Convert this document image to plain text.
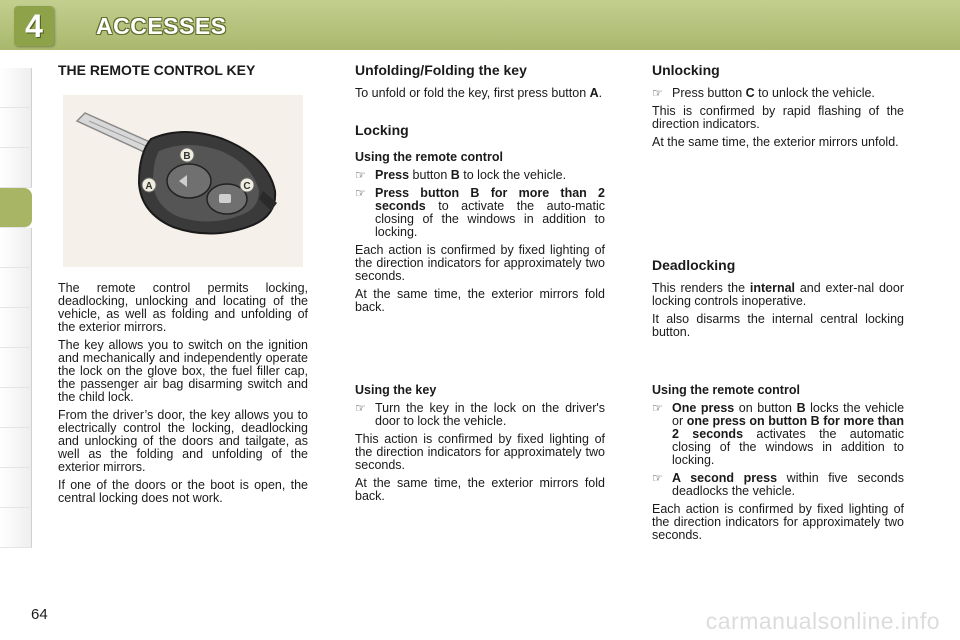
4	ACCESSES
THE REMOTE CONTROL KEY
A
B
C

The remote control permits locking, deadlocking, unlocking and locating of the vehicle, as well as folding and unfolding of the exterior mirrors.

The key allows you to switch on the ignition and mechanically and independently operate the lock on the glove box, the fuel filler cap, the passenger air bag disarming switch and the child lock.

From the driver’s door, the key allows you to electrically control the locking, deadlocking and unlocking of the doors and tailgate, as well as the folding and unfolding of the exterior mirrors.

If one of the doors or the boot is open, the central locking does not work.

Unfolding/Folding the key

To unfold or fold the key, first press button A.

Locking
Using the remote control
☞ Press button B to lock the vehicle.
☞ Press button B for more than 2 seconds to activate the auto-matic closing of the windows in addition to locking.

Each action is confirmed by fixed lighting of the direction indicators for approximately two seconds.

At the same time, the exterior mirrors fold back.

Using the key
☞ Turn the key in the lock on the driver's door to lock the vehicle.

This action is confirmed by fixed lighting of the direction indicators for approximately two seconds.

At the same time, the exterior mirrors fold back.

Unlocking
☞ Press button C to unlock the vehicle.

This is confirmed by rapid flashing of the direction indicators.

At the same time, the exterior mirrors unfold.

Deadlocking

This renders the internal and exter-nal door locking controls inoperative.

It also disarms the internal central locking button.

Using the remote control
☞ One press on button B locks the vehicle or one press on button B for more than 2 seconds activates the automatic closing of the windows in addition to locking.
☞ A second press within five seconds deadlocks the vehicle.

Each action is confirmed by fixed lighting of the direction indicators for approximately two seconds.

64	carmanualsonline.info
